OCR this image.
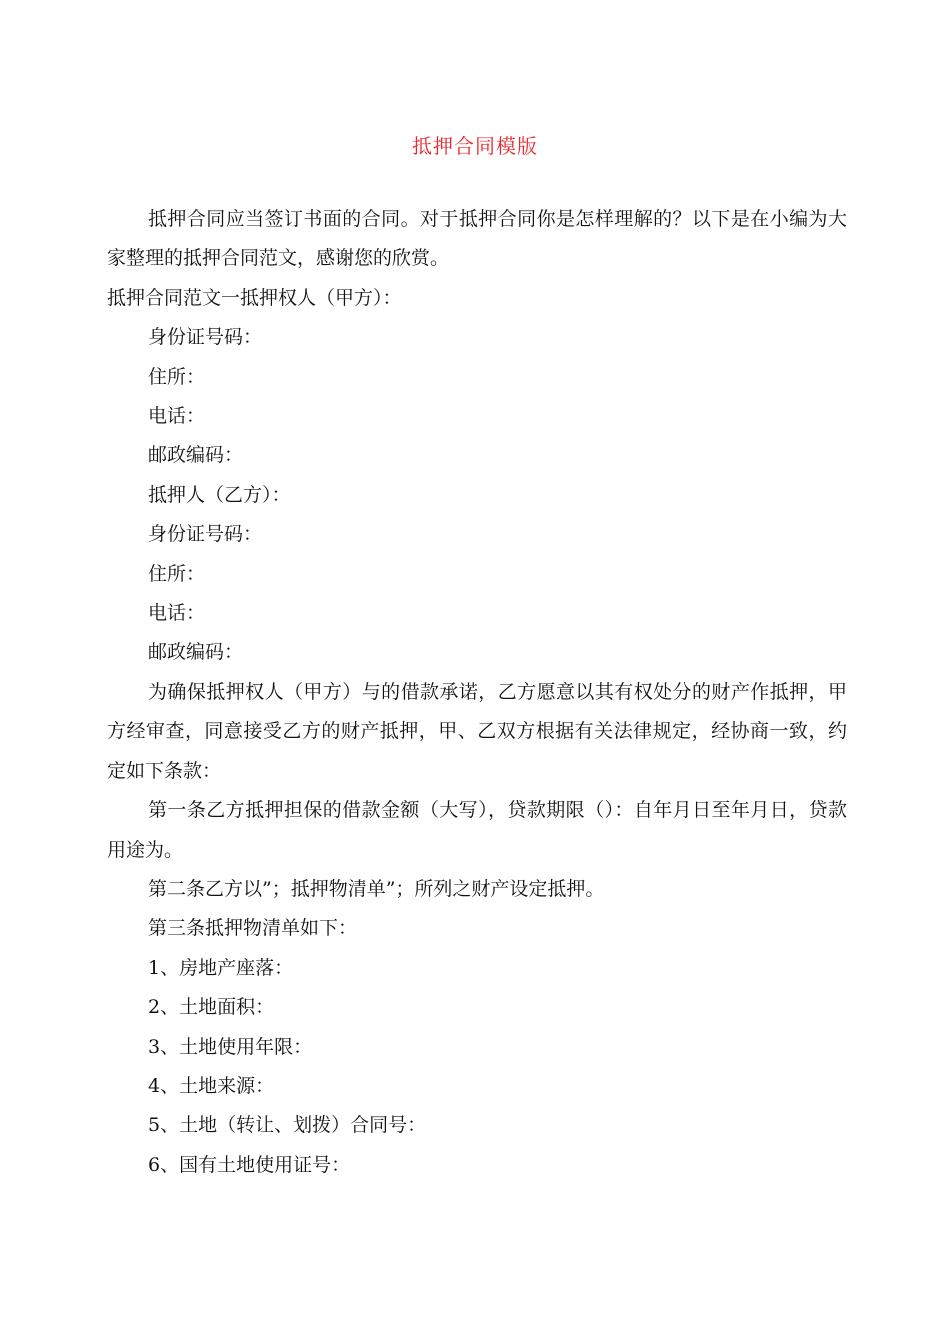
抵押合同模版

抵押合同应当签订书面的合同。对于抵押合同你是怎样理解的？以下是在小编为大家整理的抵押合同范文，感谢您的欣赏。

抵押合同范文一抵押权人（甲方）：

身份证号码：

住所：

电话：

邮政编码：

抵押人（乙方）：

身份证号码：

住所：

电话：

邮政编码：

为确保抵押权人（甲方）与的借款承诺，乙方愿意以其有权处分的财产作抵押，甲方经审查，同意接受乙方的财产抵押，甲、乙双方根据有关法律规定，经协商一致，约定如下条款：

第一条乙方抵押担保的借款金额（大写），贷款期限（）：自年月日至年月日，贷款用途为。

第二条乙方以”；抵押物清单”；所列之财产设定抵押。

第三条抵押物清单如下：

1、房地产座落：

2、土地面积：

3、土地使用年限：

4、土地来源：

5、土地（转让、划拨）合同号：

6、国有土地使用证号：
